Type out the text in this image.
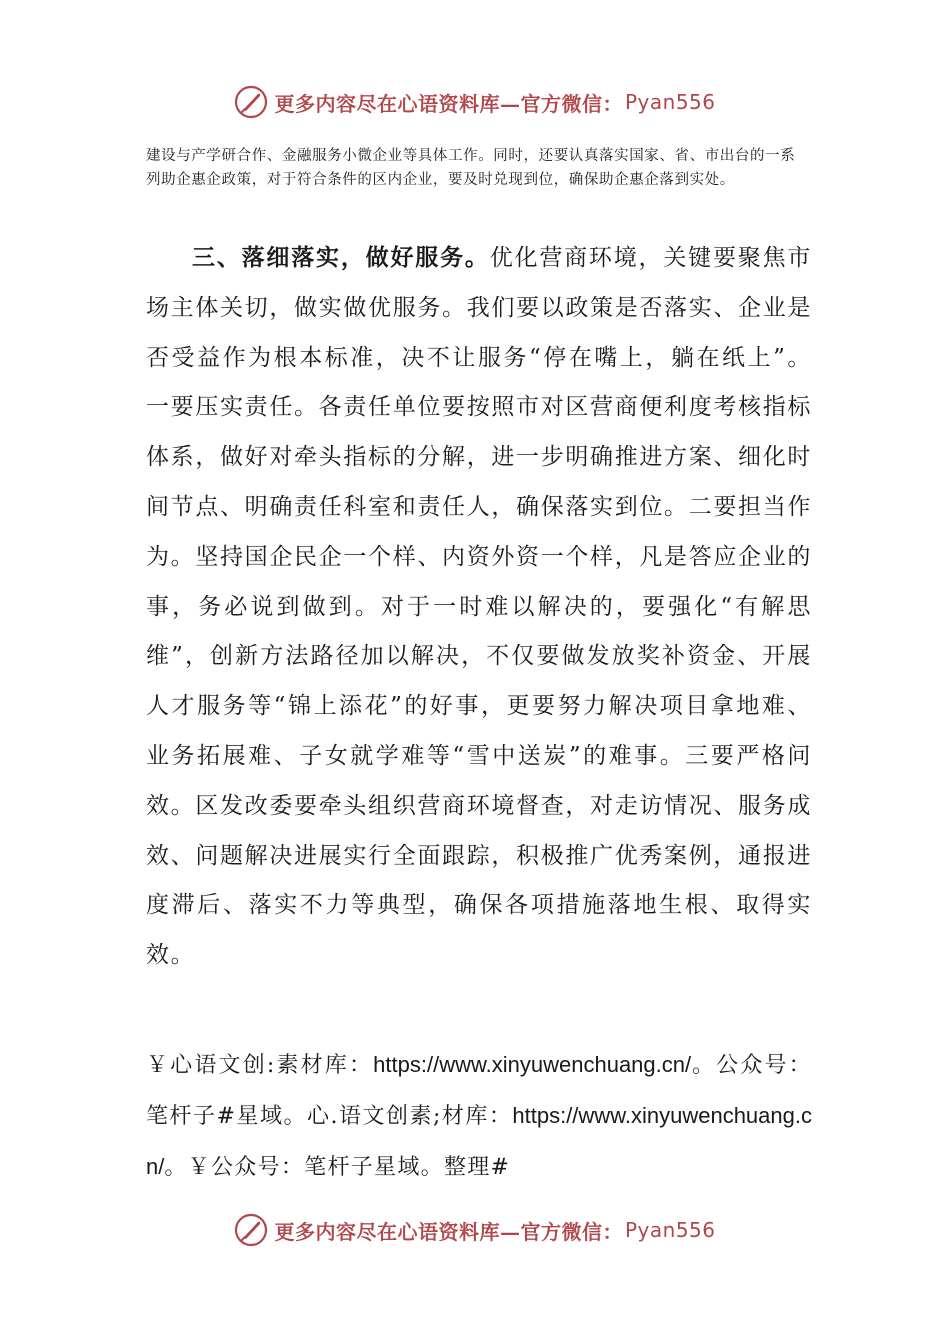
更多内容尽在心语资料库—官方微信： Pyan556

建设与产学研合作、金融服务小微企业等具体工作。同时，还要认真落实国家、省、市出台的一系列助企惠企政策，对于符合条件的区内企业，要及时兑现到位，确保助企惠企落到实处。

三、落细落实，做好服务。优化营商环境，关键要聚焦市场主体关切，做实做优服务。我们要以政策是否落实、企业是否受益作为根本标准，决不让服务“停在嘴上，躺在纸上”。一要压实责任。各责任单位要按照市对区营商便利度考核指标体系，做好对牵头指标的分解，进一步明确推进方案、细化时间节点、明确责任科室和责任人，确保落实到位。二要担当作为。坚持国企民企一个样、内资外资一个样，凡是答应企业的事，务必说到做到。对于一时难以解决的，要强化“有解思维”，创新方法路径加以解决，不仅要做发放奖补资金、开展人才服务等“锦上添花”的好事，更要努力解决项目拿地难、业务拓展难、子女就学难等“雪中送炭”的难事。三要严格问效。区发改委要牵头组织营商环境督查，对走访情况、服务成效、问题解决进展实行全面跟踪，积极推广优秀案例，通报进度滞后、落实不力等典型，确保各项措施落地生根、取得实效。

￥心语文创:素材库：https://www.xinyuwenchuang.cn/。公众号：笔杆子#星域。心.语文创素;材库：https://www.xinyuwenchuang.cn/。￥公众号：笔杆子星域。整理#

更多内容尽在心语资料库—官方微信： Pyan556
